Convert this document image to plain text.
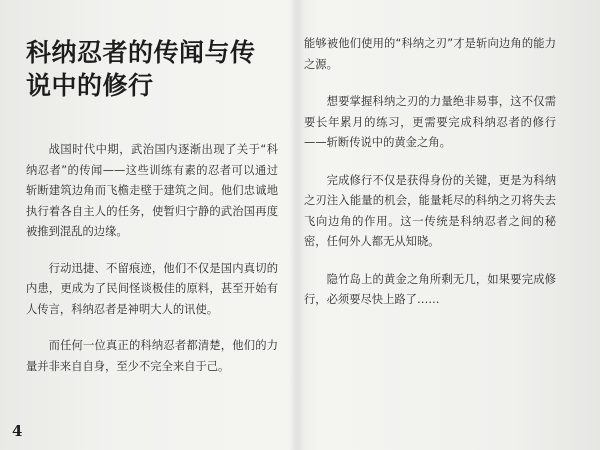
科纳忍者的传闻与传说中的修行

战国时代中期，武治国内逐渐出现了关于“科纳忍者”的传闻——这些训练有素的忍者可以通过斩断建筑边角而飞檐走壁于建筑之间。他们忠诚地执行着各自主人的任务，使暂归宁静的武治国再度被推到混乱的边缘。

行动迅捷、不留痕迹，他们不仅是国内真切的内患，更成为了民间怪谈极佳的原料，甚至开始有人传言，科纳忍者是神明大人的讯使。

而任何一位真正的科纳忍者都清楚，他们的力量并非来自自身，至少不完全来自于己。

能够被他们使用的“科纳之刃”才是斩向边角的能力之源。

想要掌握科纳之刃的力量绝非易事，这不仅需要长年累月的练习，更需要完成科纳忍者的修行——斩断传说中的黄金之角。

完成修行不仅是获得身份的关键，更是为科纳之刃注入能量的机会，能量耗尽的科纳之刃将失去飞向边角的作用。这一传统是科纳忍者之间的秘密，任何外人都无从知晓。

隐竹岛上的黄金之角所剩无几，如果要完成修行，必须要尽快上路了……

4
